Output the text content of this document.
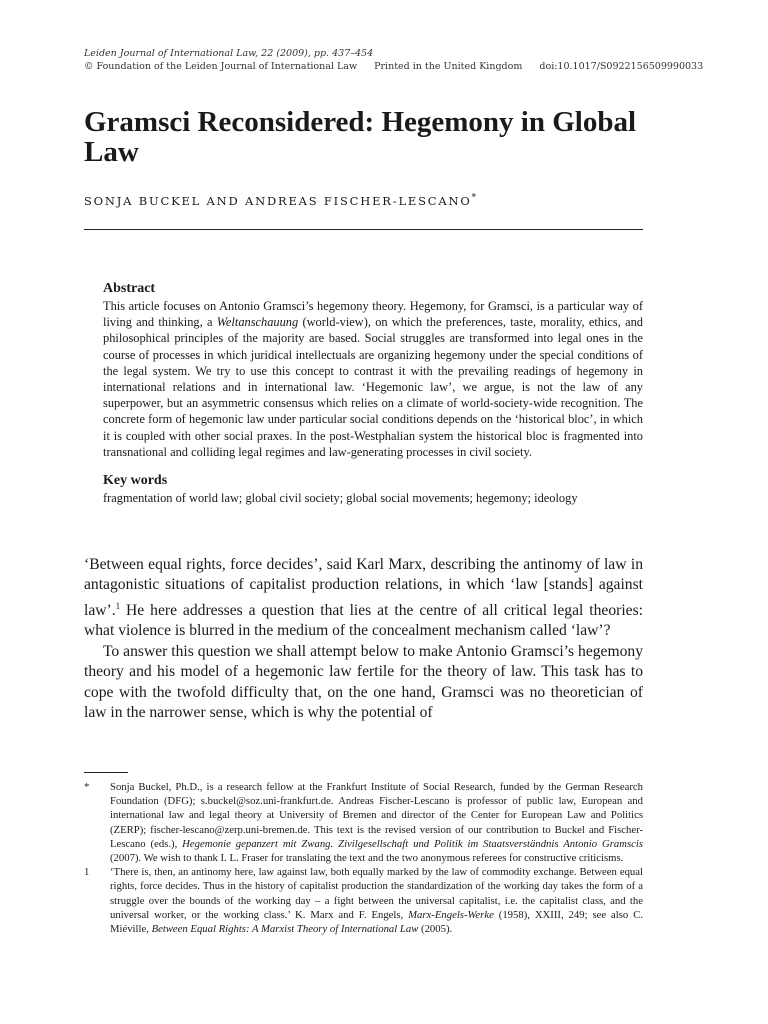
Leiden Journal of International Law, 22 (2009), pp. 437–454
© Foundation of the Leiden Journal of International Law Printed in the United Kingdom doi:10.1017/S0922156509990033
Gramsci Reconsidered: Hegemony in Global Law
SONJA BUCKEL AND ANDREAS FISCHER-LESCANO*
Abstract

This article focuses on Antonio Gramsci’s hegemony theory. Hegemony, for Gramsci, is a particular way of living and thinking, a Weltanschauung (world-view), on which the preferences, taste, morality, ethics, and philosophical principles of the majority are based. Social struggles are transformed into legal ones in the course of processes in which juridical intellectuals are organizing hegemony under the special conditions of the legal system. We try to use this concept to contrast it with the prevailing readings of hegemony in international relations and in international law. ‘Hegemonic law’, we argue, is not the law of any superpower, but an asymmetric consensus which relies on a climate of world-society-wide recognition. The concrete form of hegemonic law under particular social conditions depends on the ‘historical bloc’, in which it is coupled with other social praxes. In the post-Westphalian system the historical bloc is fragmented into transnational and colliding legal regimes and law-generating processes in civil society.

Key words

fragmentation of world law; global civil society; global social movements; hegemony; ideology

‘Between equal rights, force decides’, said Karl Marx, describing the antinomy of law in antagonistic situations of capitalist production relations, in which ‘law [stands] against law’.$^1$ He here addresses a question that lies at the centre of all critical legal theories: what violence is blurred in the medium of the concealment mechanism called ‘law’?

To answer this question we shall attempt below to make Antonio Gramsci’s hegemony theory and his model of a hegemonic law fertile for the theory of law. This task has to cope with the twofold difficulty that, on the one hand, Gramsci was no theoretician of law in the narrower sense, which is why the potential of

*	Sonja Buckel, Ph.D., is a research fellow at the Frankfurt Institute of Social Research, funded by the German Research Foundation (DFG); s.buckel@soz.uni-frankfurt.de. Andreas Fischer-Lescano is professor of public law, European and international law and legal theory at University of Bremen and director of the Center for European Law and Politics (ZERP); fischer-lescano@zerp.uni-bremen.de. This text is the revised version of our contribution to Buckel and Fischer-Lescano (eds.), Hegemonie gepanzert mit Zwang. Zivilgesellschaft und Politik im Staatsverständnis Antonio Gramscis (2007). We wish to thank I. L. Fraser for translating the text and the two anonymous referees for constructive criticisms.
1	‘There is, then, an antinomy here, law against law, both equally marked by the law of commodity exchange. Between equal rights, force decides. Thus in the history of capitalist production the standardization of the working day takes the form of a struggle over the bounds of the working day – a fight between the universal capitalist, i.e. the capitalist class, and the universal worker, or the working class.’ K. Marx and F. Engels, Marx-Engels-Werke (1958), XXIII, 249; see also C. Miéville, Between Equal Rights: A Marxist Theory of International Law (2005).
